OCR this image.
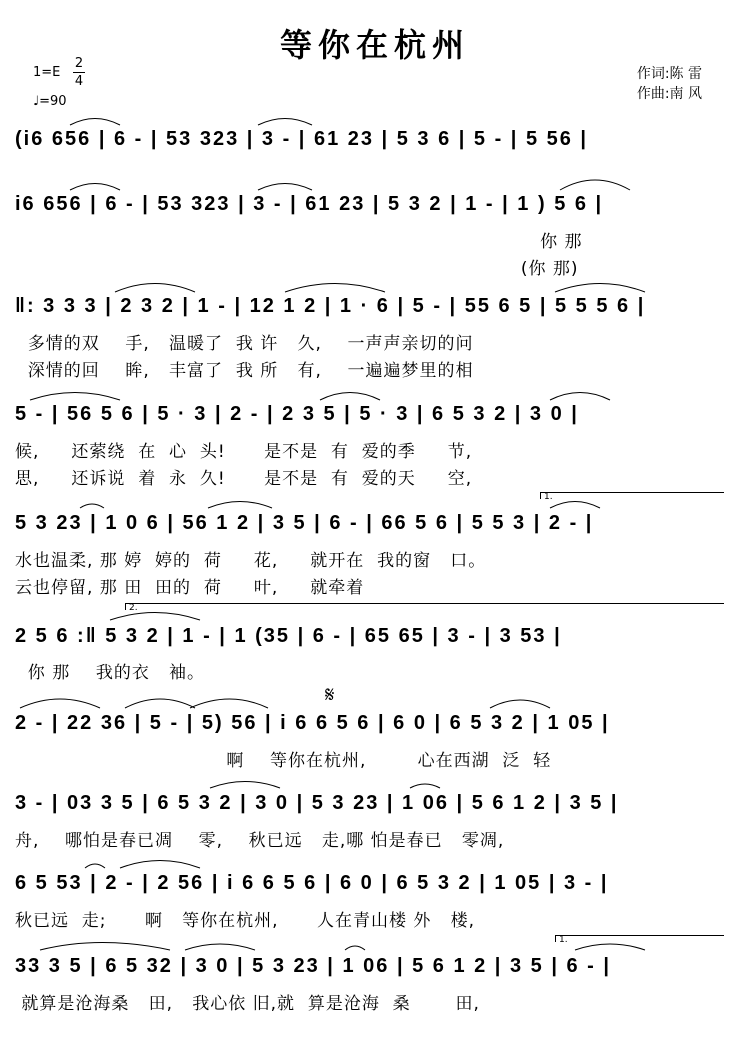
等你在杭州
1=E
2
4
♩=90
作词:陈 雷
作曲:南 风
(i6 656 | 6 - | 53 323 | 3 - | 61 23 | 5 3 6 | 5 - | 5 56 |
i6 656 | 6 - | 53 323 | 3 - | 61 23 | 5 3 2 | 1 - | 1 ) 5 6 |
你 那
(你 那)
‖: 3 3 3 | 2 3 2 | 1 - | 12 1 2 | 1 · 6 | 5 - | 55 6 5 | 5 5 5 6 |
多情的双    手,   温暖了  我 许   久,    一声声亲切的问
深情的回    眸,   丰富了  我 所   有,    一遍遍梦里的相
5 - | 56 5 6 | 5 · 3 | 2 - | 2 3 5 | 5 · 3 | 6 5 3 2 | 3 0 |
候,     还萦绕  在  心  头!      是不是  有  爱的季     节,
思,     还诉说  着  永  久!      是不是  有  爱的天     空,
1.
5 3 23 | 1 0 6 | 56 1 2 | 3 5 | 6 - | 66 5 6 | 5 5 3 | 2 - |
水也温柔, 那 婷  婷的  荷     花,     就开在  我的窗   口。
云也停留, 那 田  田的  荷     叶,     就牵着
2.
2 5 6 :‖ 5 3 2 | 1 - | 1 (35 | 6 - | 65 65 | 3 - | 3 53 |
你 那    我的衣   袖。
𝄋
2 - | 22 36 | 5 - | 5) 56 | i 6 6 5 6 | 6 0 | 6 5 3 2 | 1 05 |
啊    等你在杭州,        心在西湖  泛  轻
3 - | 03 3 5 | 6 5 3 2 | 3 0 | 5 3 23 | 1 06 | 5 6 1 2 | 3 5 |
舟,    哪怕是春已凋    零,    秋已远   走,哪 怕是春已   零凋,
6 5 53 | 2 - | 2 56 | i 6 6 5 6 | 6 0 | 6 5 3 2 | 1 05 | 3 - |
秋已远  走;      啊   等你在杭州,      人在青山楼 外   楼,
1.
33 3 5 | 6 5 32 | 3 0 | 5 3 23 | 1 06 | 5 6 1 2 | 3 5 | 6 - |
就算是沧海桑   田,   我心依 旧,就  算是沧海  桑       田,
